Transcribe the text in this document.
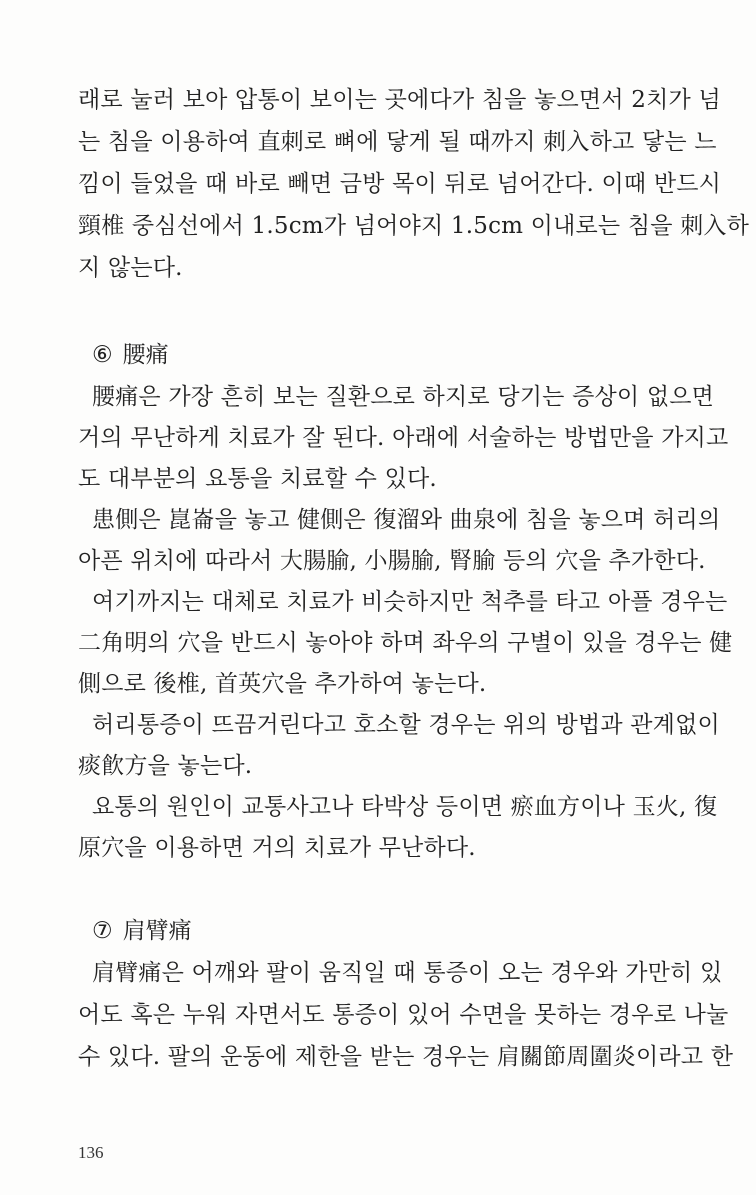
래로 눌러 보아 압통이 보이는 곳에다가 침을 놓으면서 2치가 넘
는 침을 이용하여 直刺로 뼈에 닿게 될 때까지 刺入하고 닿는 느
낌이 들었을 때 바로 빼면 금방 목이 뒤로 넘어간다. 이때 반드시
頸椎 중심선에서 1.5cm가 넘어야지 1.5cm 이내로는 침을 刺入하
지 않는다.
⑥ 腰痛
腰痛은 가장 흔히 보는 질환으로 하지로 당기는 증상이 없으면
거의 무난하게 치료가 잘 된다. 아래에 서술하는 방법만을 가지고
도 대부분의 요통을 치료할 수 있다.
患側은 崑崙을 놓고 健側은 復溜와 曲泉에 침을 놓으며 허리의
아픈 위치에 따라서 大腸腧, 小腸腧, 腎腧 등의 穴을 추가한다.
여기까지는 대체로 치료가 비슷하지만 척추를 타고 아플 경우는
二角明의 穴을 반드시 놓아야 하며 좌우의 구별이 있을 경우는 健
側으로 後椎, 首英穴을 추가하여 놓는다.
허리통증이 뜨끔거린다고 호소할 경우는 위의 방법과 관계없이
痰飮方을 놓는다.
요통의 원인이 교통사고나 타박상 등이면 瘀血方이나 玉火, 復
原穴을 이용하면 거의 치료가 무난하다.
⑦ 肩臂痛
肩臂痛은 어깨와 팔이 움직일 때 통증이 오는 경우와 가만히 있
어도 혹은 누워 자면서도 통증이 있어 수면을 못하는 경우로 나눌
수 있다. 팔의 운동에 제한을 받는 경우는 肩關節周圍炎이라고 한
136
